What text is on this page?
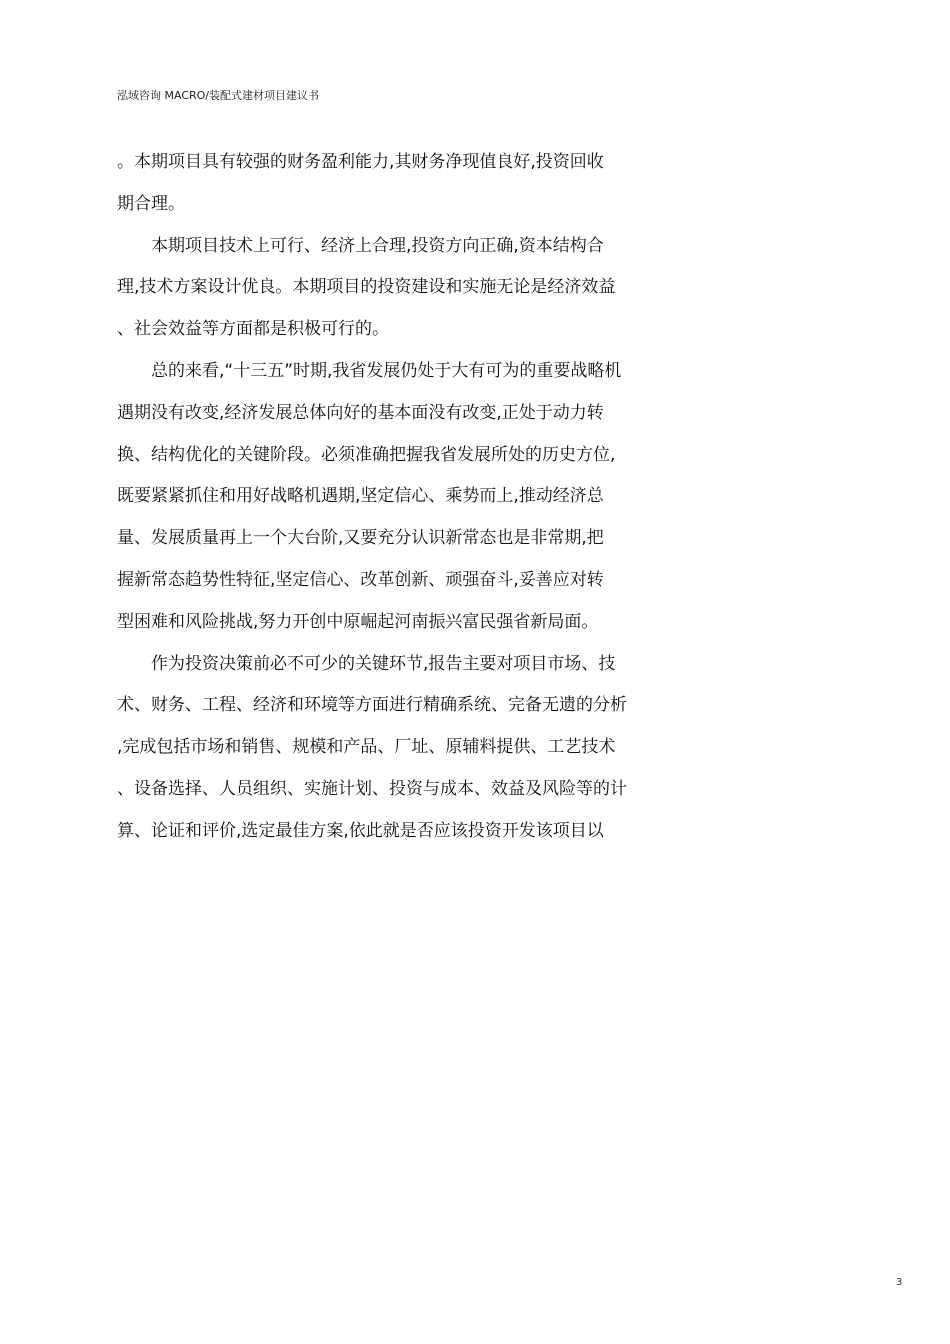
泓域咨询 MACRO/装配式建材项目建议书
。本期项目具有较强的财务盈利能力,其财务净现值良好,投资回收
期合理。
本期项目技术上可行、经济上合理,投资方向正确,资本结构合
理,技术方案设计优良。本期项目的投资建设和实施无论是经济效益
、社会效益等方面都是积极可行的。
总的来看,“十三五”时期,我省发展仍处于大有可为的重要战略机
遇期没有改变,经济发展总体向好的基本面没有改变,正处于动力转
换、结构优化的关键阶段。必须准确把握我省发展所处的历史方位,
既要紧紧抓住和用好战略机遇期,坚定信心、乘势而上,推动经济总
量、发展质量再上一个大台阶,又要充分认识新常态也是非常期,把
握新常态趋势性特征,坚定信心、改革创新、顽强奋斗,妥善应对转
型困难和风险挑战,努力开创中原崛起河南振兴富民强省新局面。
作为投资决策前必不可少的关键环节,报告主要对项目市场、技
术、财务、工程、经济和环境等方面进行精确系统、完备无遗的分析
,完成包括市场和销售、规模和产品、厂址、原辅料提供、工艺技术
、设备选择、人员组织、实施计划、投资与成本、效益及风险等的计
算、论证和评价,选定最佳方案,依此就是否应该投资开发该项目以
3
